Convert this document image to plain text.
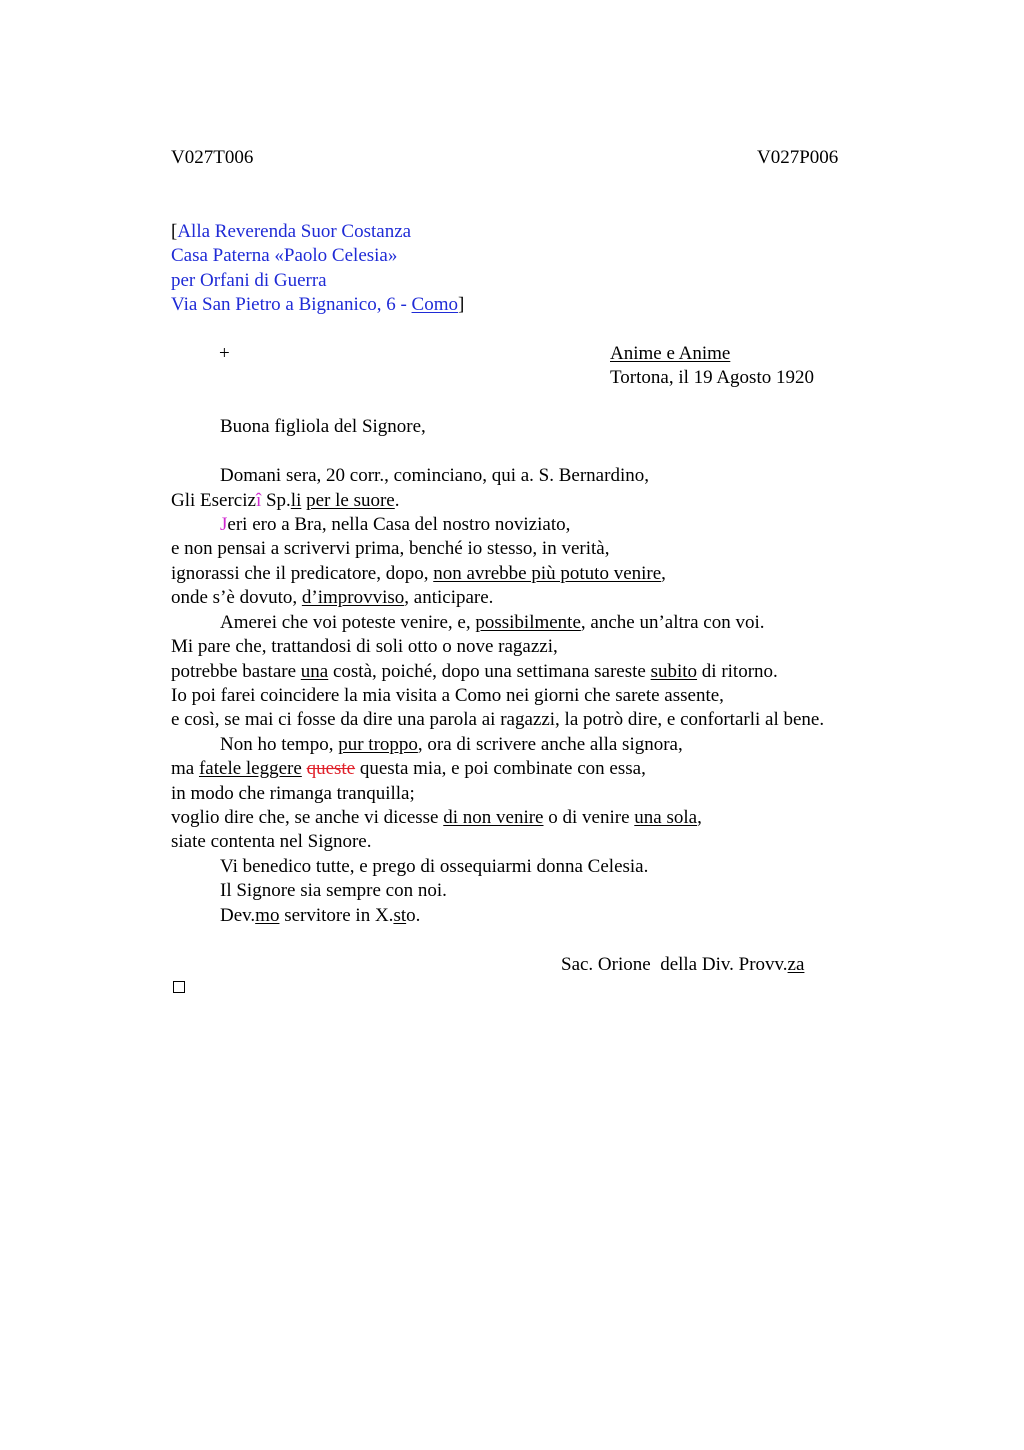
V027T006	V027P006
[Alla Reverenda Suor Costanza
Casa Paterna «Paolo Celesia»
per Orfani di Guerra
Via San Pietro a Bignanico, 6 - Como]
+	Anime e Anime
Tortona, il 19 Agosto 1920
Buona figliola del Signore,
Domani sera, 20 corr., cominciano, qui a. S. Bernardino,
Gli Esercizî Sp.li per le suore.
Jeri ero a Bra, nella Casa del nostro noviziato,
e non pensai a scrivervi prima, benché io stesso, in verità,
ignorassi che il predicatore, dopo, non avrebbe più potuto venire,
onde s’è dovuto, d’improvviso, anticipare.
Amerei che voi poteste venire, e, possibilmente, anche un’altra con voi.
Mi pare che, trattandosi di soli otto o nove ragazzi,
potrebbe bastare una costà, poiché, dopo una settimana sareste subito di ritorno.
Io poi farei coincidere la mia visita a Como nei giorni che sarete assente,
e così, se mai ci fosse da dire una parola ai ragazzi, la potrò dire, e confortarli al bene.
Non ho tempo, pur troppo, ora di scrivere anche alla signora,
ma fatele leggere queste questa mia, e poi combinate con essa,
in modo che rimanga tranquilla;
voglio dire che, se anche vi dicesse di non venire o di venire una sola,
siate contenta nel Signore.
Vi benedico tutte, e prego di ossequiarmi donna Celesia.
Il Signore sia sempre con noi.
Dev.mo servitore in X.sto.
Sac. Orione  della Div. Provv.za
